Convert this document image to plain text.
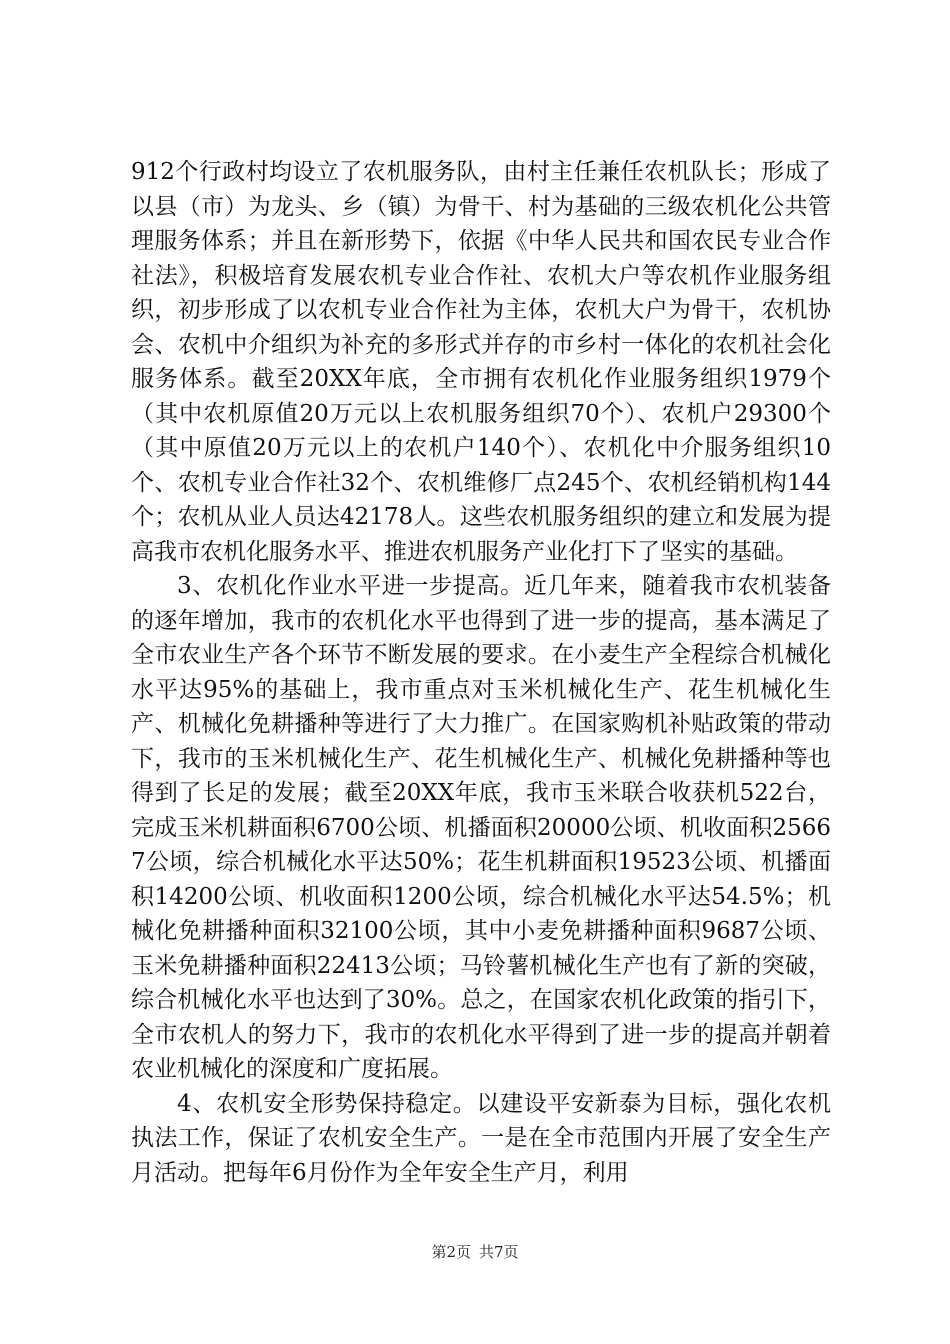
912个行政村均设立了农机服务队，由村主任兼任农机队长；形成了以县（市）为龙头、乡（镇）为骨干、村为基础的三级农机化公共管理服务体系；并且在新形势下，依据《中华人民共和国农民专业合作社法》，积极培育发展农机专业合作社、农机大户等农机作业服务组织，初步形成了以农机专业合作社为主体，农机大户为骨干，农机协会、农机中介组织为补充的多形式并存的市乡村一体化的农机社会化服务体系。截至20XX年底，全市拥有农机化作业服务组织1979个（其中农机原值20万元以上农机服务组织70个）、农机户29300个（其中原值20万元以上的农机户140个）、农机化中介服务组织10个、农机专业合作社32个、农机维修厂点245个、农机经销机构144个；农机从业人员达42178人。这些农机服务组织的建立和发展为提高我市农机化服务水平、推进农机服务产业化打下了坚实的基础。

3、农机化作业水平进一步提高。近几年来，随着我市农机装备的逐年增加，我市的农机化水平也得到了进一步的提高，基本满足了全市农业生产各个环节不断发展的要求。在小麦生产全程综合机械化水平达95%的基础上，我市重点对玉米机械化生产、花生机械化生产、机械化免耕播种等进行了大力推广。在国家购机补贴政策的带动下，我市的玉米机械化生产、花生机械化生产、机械化免耕播种等也得到了长足的发展；截至20XX年底，我市玉米联合收获机522台，完成玉米机耕面积6700公顷、机播面积20000公顷、机收面积25667公顷，综合机械化水平达50%；花生机耕面积19523公顷、机播面积14200公顷、机收面积1200公顷，综合机械化水平达54.5%；机械化免耕播种面积32100公顷，其中小麦免耕播种面积9687公顷、玉米免耕播种面积22413公顷；马铃薯机械化生产也有了新的突破，综合机械化水平也达到了30%。总之，在国家农机化政策的指引下，全市农机人的努力下，我市的农机化水平得到了进一步的提高并朝着农业机械化的深度和广度拓展。

4、农机安全形势保持稳定。以建设平安新泰为目标，强化农机执法工作，保证了农机安全生产。一是在全市范围内开展了安全生产月活动。把每年6月份作为全年安全生产月，利用

第2页 共7页
